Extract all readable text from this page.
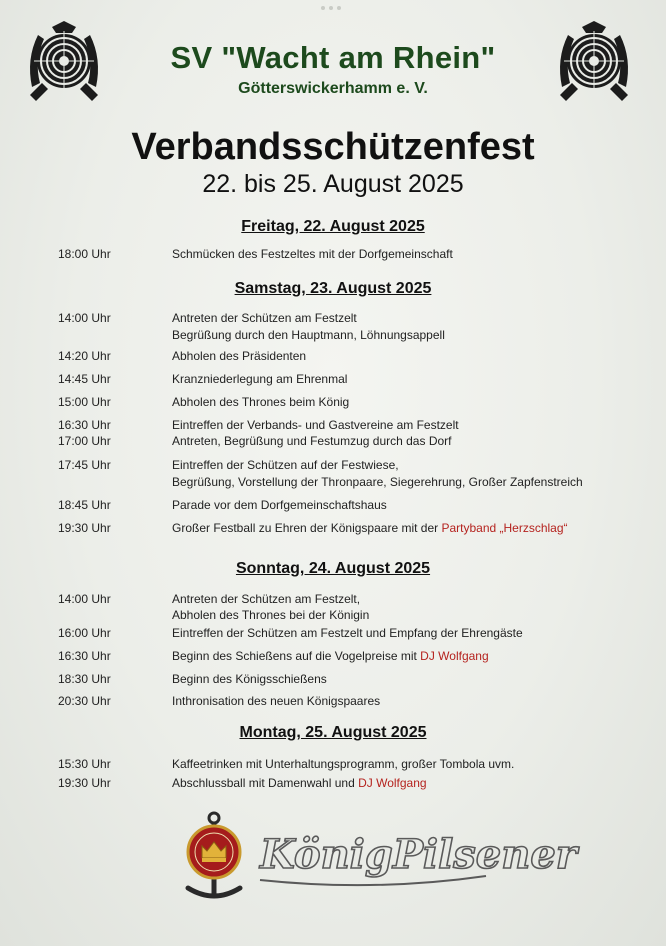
SV "Wacht am Rhein"
Götterswickerhamm e. V.
Verbandsschützenfest
22. bis 25. August 2025
Freitag, 22. August 2025
18:00 Uhr	Schmücken des Festzeltes mit der Dorfgemeinschaft
Samstag, 23. August 2025
14:00 Uhr	Antreten der Schützen am Festzelt
Begrüßung durch den Hauptmann, Löhnungsappell
14:20 Uhr	Abholen des Präsidenten
14:45 Uhr	Kranzniederlegung am Ehrenmal
15:00 Uhr	Abholen des Thrones beim König
16:30 Uhr	Eintreffen der Verbands- und Gastvereine am Festzelt
17:00 Uhr	Antreten, Begrüßung und Festumzug durch das Dorf
17:45 Uhr	Eintreffen der Schützen auf der Festwiese,
Begrüßung, Vorstellung der Thronpaare, Siegerehrung, Großer Zapfenstreich
18:45 Uhr	Parade vor dem Dorfgemeinschaftshaus
19:30 Uhr	Großer Festball zu Ehren der Königspaare mit der Partyband „Herzschlag“
Sonntag, 24. August 2025
14:00 Uhr	Antreten der Schützen am Festzelt,
Abholen des Thrones bei der Königin
16:00 Uhr	Eintreffen der Schützen am Festzelt und Empfang der Ehrengäste
16:30 Uhr	Beginn des Schießens auf die Vogelpreise mit DJ Wolfgang
18:30 Uhr	Beginn des Königsschießens
20:30 Uhr	Inthronisation des neuen Königspaares
Montag, 25. August 2025
15:30 Uhr	Kaffeetrinken mit Unterhaltungsprogramm, großer Tombola uvm.
19:30 Uhr	Abschlussball mit Damenwahl und DJ Wolfgang
KönigPilsener
